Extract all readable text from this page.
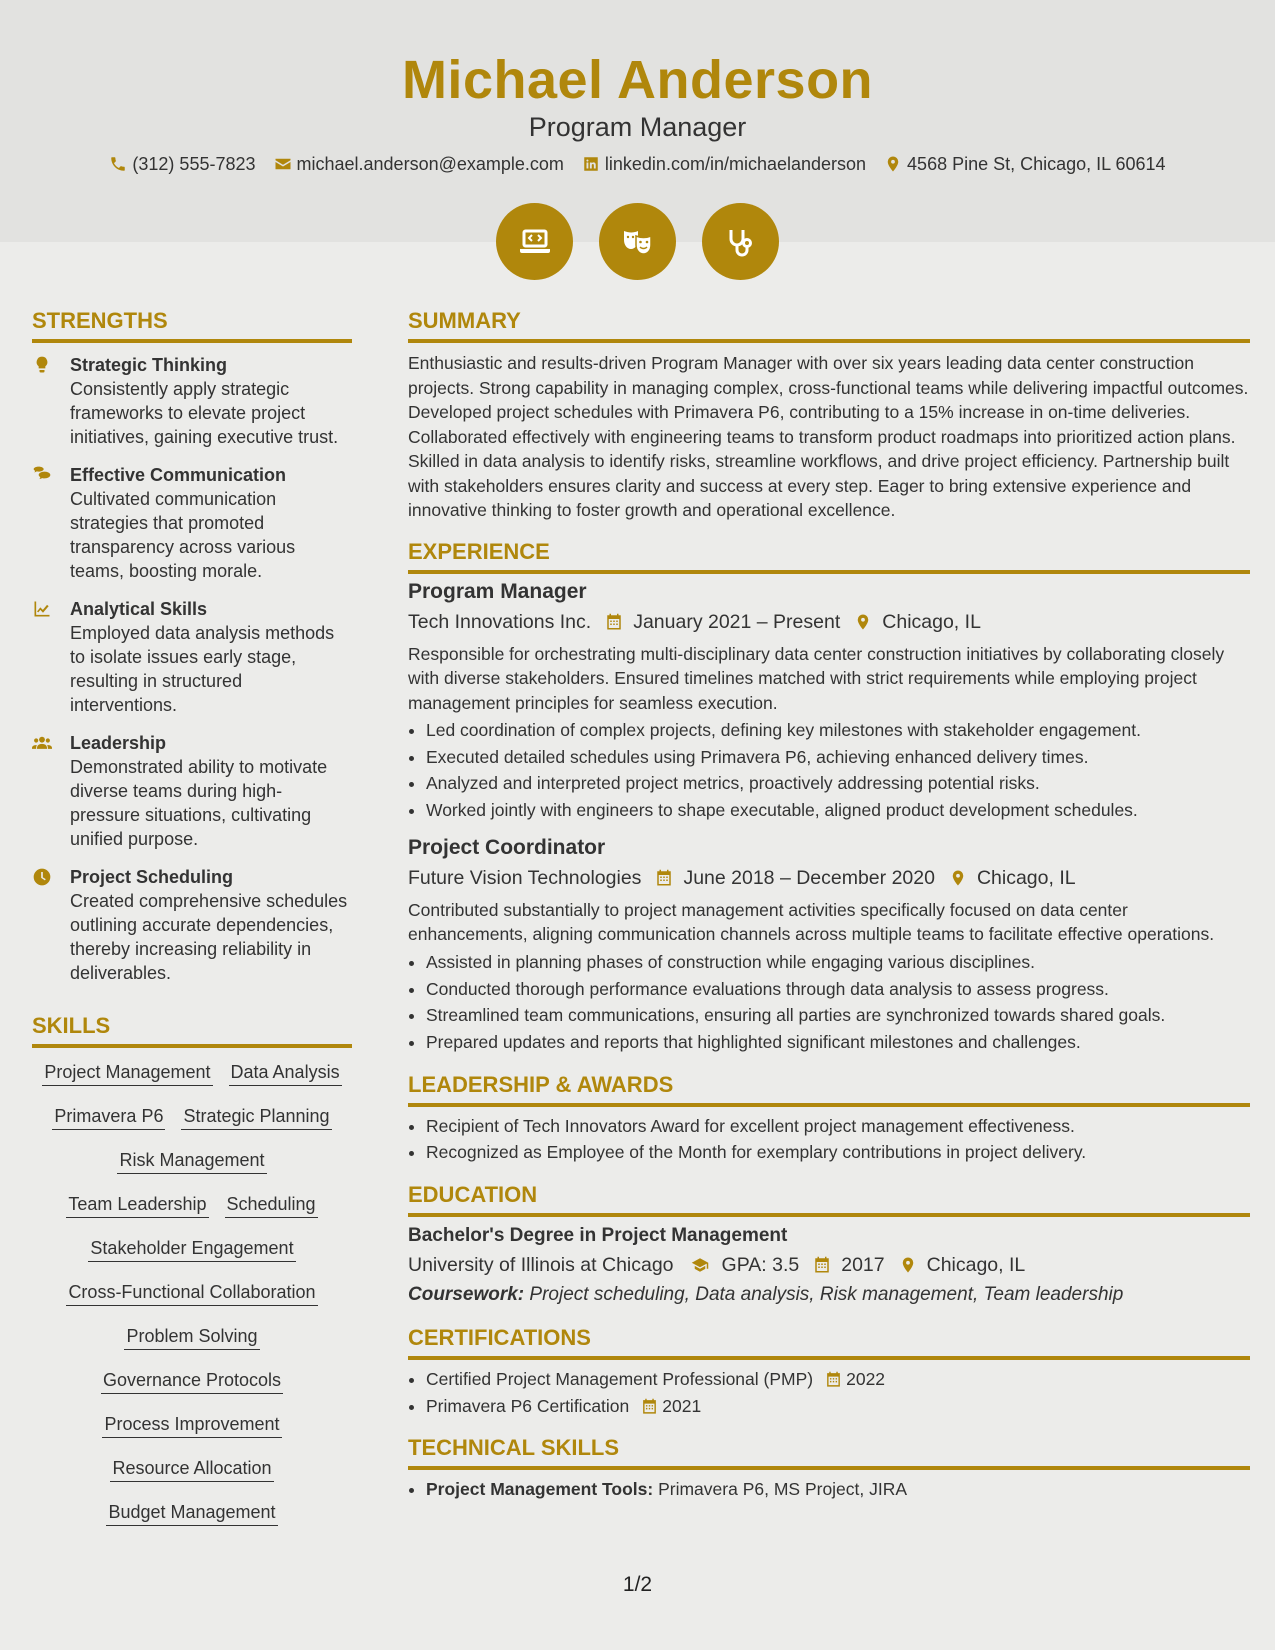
Michael Anderson
Program Manager
(312) 555-7823 michael.anderson@example.com linkedin.com/in/michaelanderson 4568 Pine St, Chicago, IL 60614
STRENGTHS
Strategic Thinking
Consistently apply strategic frameworks to elevate project initiatives, gaining executive trust.
Effective Communication
Cultivated communication strategies that promoted transparency across various teams, boosting morale.
Analytical Skills
Employed data analysis methods to isolate issues early stage, resulting in structured interventions.
Leadership
Demonstrated ability to motivate diverse teams during high-pressure situations, cultivating unified purpose.
Project Scheduling
Created comprehensive schedules outlining accurate dependencies, thereby increasing reliability in deliverables.
SKILLS
Project Management Data Analysis
Primavera P6 Strategic Planning
Risk Management
Team Leadership Scheduling
Stakeholder Engagement
Cross-Functional Collaboration
Problem Solving
Governance Protocols
Process Improvement
Resource Allocation
Budget Management
SUMMARY

Enthusiastic and results-driven Program Manager with over six years leading data center construction projects. Strong capability in managing complex, cross-functional teams while delivering impactful outcomes. Developed project schedules with Primavera P6, contributing to a 15% increase in on-time deliveries. Collaborated effectively with engineering teams to transform product roadmaps into prioritized action plans. Skilled in data analysis to identify risks, streamline workflows, and drive project efficiency. Partnership built with stakeholders ensures clarity and success at every step. Eager to bring extensive experience and innovative thinking to foster growth and operational excellence.

EXPERIENCE
Program Manager
Tech Innovations Inc. January 2021 – Present Chicago, IL

Responsible for orchestrating multi-disciplinary data center construction initiatives by collaborating closely with diverse stakeholders. Ensured timelines matched with strict requirements while employing project management principles for seamless execution.

• Led coordination of complex projects, defining key milestones with stakeholder engagement.
• Executed detailed schedules using Primavera P6, achieving enhanced delivery times.
• Analyzed and interpreted project metrics, proactively addressing potential risks.
• Worked jointly with engineers to shape executable, aligned product development schedules.
Project Coordinator
Future Vision Technologies June 2018 – December 2020 Chicago, IL

Contributed substantially to project management activities specifically focused on data center enhancements, aligning communication channels across multiple teams to facilitate effective operations.

• Assisted in planning phases of construction while engaging various disciplines.
• Conducted thorough performance evaluations through data analysis to assess progress.
• Streamlined team communications, ensuring all parties are synchronized towards shared goals.
• Prepared updates and reports that highlighted significant milestones and challenges.
LEADERSHIP & AWARDS
• Recipient of Tech Innovators Award for excellent project management effectiveness.
• Recognized as Employee of the Month for exemplary contributions in project delivery.
EDUCATION
Bachelor's Degree in Project Management
University of Illinois at Chicago GPA: 3.5 2017 Chicago, IL
Coursework: Project scheduling, Data analysis, Risk management, Team leadership
CERTIFICATIONS
• Certified Project Management Professional (PMP) 2022
• Primavera P6 Certification 2021
TECHNICAL SKILLS
• Project Management Tools: Primavera P6, MS Project, JIRA
1/2
